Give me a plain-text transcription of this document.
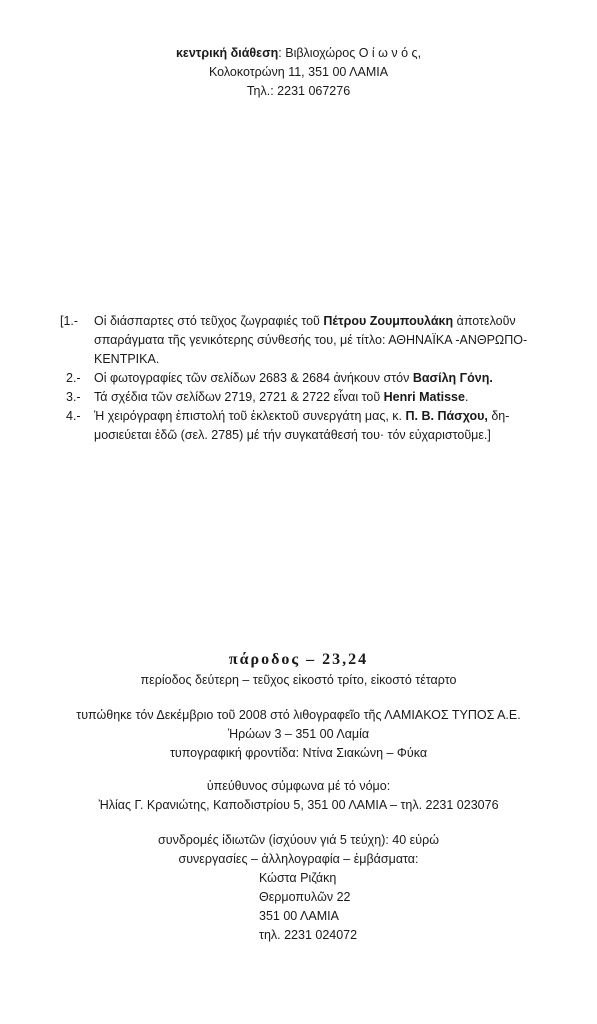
κεντρική διάθεση: Βιβλιοχώρος Ο ί ω ν ό ς,
Κολοκοτρώνη 11, 351 00 ΛΑΜΙΑ
Τηλ.: 2231 067276
[1.-	Οἱ διάσπαρτες στό τεῦχος ζωγραφιές τοῦ Πέτρου Ζουμπουλάκη ἀποτελοῦν σπαράγματα τῆς γενικότερης σύνθεσής του, μέ τίτλο: ΑΘΗΝΑΪΚΑ -ΑΝΘΡΩΠΟ- ΚΕΝΤΡΙΚΑ.
2.-	Οἱ φωτογραφίες τῶν σελίδων 2683 & 2684 ἀνήκουν στόν Βασίλη Γόνη.
3.-	Τά σχέδια τῶν σελίδων 2719, 2721 & 2722 εἶναι τοῦ Henri Matisse.
4.-	Ἡ χειρόγραφη ἐπιστολή τοῦ ἐκλεκτοῦ συνεργάτη μας, κ. Π. Β. Πάσχου, δη- μοσιεύεται ἐδῶ (σελ. 2785) μέ τήν συγκατάθεσή του· τόν εὐχαριστοῦμε.]
πάροδος – 23,24
περίοδος δεύτερη – τεῦχος εἰκοστό τρίτο, εἰκοστό τέταρτο
τυπώθηκε τόν Δεκέμβριο τοῦ 2008 στό λιθογραφεῖο τῆς ΛΑΜΙΑΚΟΣ ΤΥΠΟΣ Α.Ε.
Ἡρώων 3 – 351 00 Λαμία
τυπογραφική φροντίδα: Ντίνα Σιακώνη – Φύκα
ὑπεύθυνος σύμφωνα μέ τό νόμο:
Ἠλίας Γ. Κρανιώτης, Καποδιστρίου 5, 351 00 ΛΑΜΙΑ – τηλ. 2231 023076
συνδρομές ἰδιωτῶν (ἰσχύουν γιά 5 τεύχη): 40 εὐρώ
συνεργασίες – ἀλληλογραφία – ἐμβάσματα:
Κώστα Ριζάκη
Θερμοπυλῶν 22
351 00 ΛΑΜΙΑ
τηλ. 2231 024072
